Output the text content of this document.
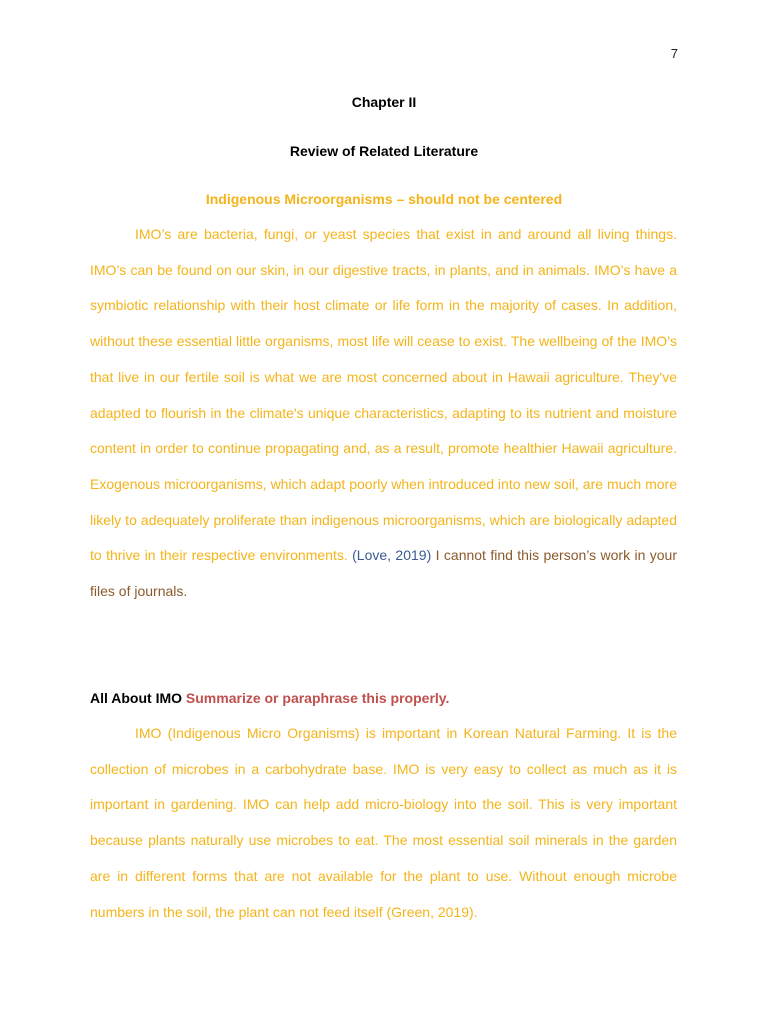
7
Chapter II
Review of Related Literature
Indigenous Microorganisms – should not be centered

IMO’s are bacteria, fungi, or yeast species that exist in and around all living things. IMO’s can be found on our skin, in our digestive tracts, in plants, and in animals. IMO’s have a symbiotic relationship with their host climate or life form in the majority of cases. In addition, without these essential little organisms, most life will cease to exist. The wellbeing of the IMO’s that live in our fertile soil is what we are most concerned about in Hawaii agriculture. They've adapted to flourish in the climate's unique characteristics, adapting to its nutrient and moisture content in order to continue propagating and, as a result, promote healthier Hawaii agriculture. Exogenous microorganisms, which adapt poorly when introduced into new soil, are much more likely to adequately proliferate than indigenous microorganisms, which are biologically adapted to thrive in their respective environments. (Love, 2019) I cannot find this person’s work in your files of journals.

All About IMO Summarize or paraphrase this properly.

IMO (Indigenous Micro Organisms) is important in Korean Natural Farming. It is the collection of microbes in a carbohydrate base. IMO is very easy to collect as much as it is important in gardening. IMO can help add micro-biology into the soil. This is very important because plants naturally use microbes to eat. The most essential soil minerals in the garden are in different forms that are not available for the plant to use. Without enough microbe numbers in the soil, the plant can not feed itself (Green, 2019).
